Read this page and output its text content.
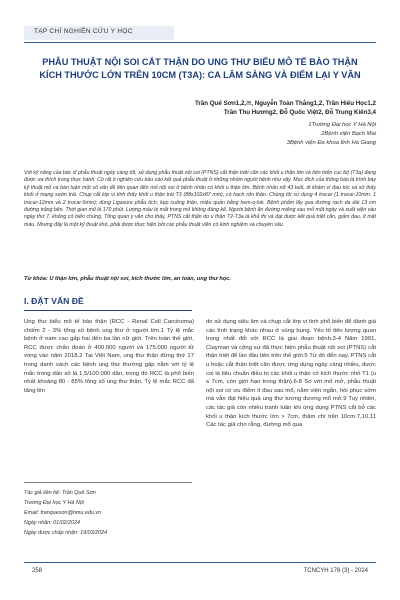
TẠP CHÍ NGHIÊN CỨU Y HỌC
PHẪU THUẬT NỘI SOI CẮT THẬN DO UNG THƯ BIỂU MÔ TẾ BÀO THẬN KÍCH THƯỚC LỚN TRÊN 10CM (T3A): CA LÂM SÀNG VÀ ĐIỂM LẠI Y VĂN
Trần Quế Sơn1,2,✉, Nguyễn Toàn Thắng1,2, Trần Hiếu Học1,2
Trần Thu Hương2, Đỗ Quốc Việt2, Đỗ Trung Kiên3,4
1Trường Đại học Y Hà Nội
2Bệnh viện Bạch Mai
3Bệnh viện Đa khoa tỉnh Hà Giang

Với kỹ năng của bác sĩ phẫu thuật ngày càng tốt, sử dụng phẫu thuật nội soi (PTNS) cắt thận triệt căn các khối u thận lớn và tiến triển cục bộ (T3a) đang được ưa thích trong thực hành. Có rất ít nghiên cứu báo cáo kết quả phẫu thuật ở những nhóm người bệnh như vậy. Mục đích của thông báo là trình bày kỹ thuật mổ và bàn luận một số vấn đề liên quan đến mổ nội soi ở bệnh nhân có khối u thận lớn. Bệnh nhân nữ 43 tuổi, đi khám vì đau tức và sờ thấy khối ở mạng sườn trái. Chụp cắt lớp vi tính thấy khối u thận trái T3 (88x102x87 mm), có hạch rốn thận. Chúng tôi sử dụng 4 trocar (1 trocar-10mm, 1 trocar-12mm và 2 trocar-5mm); dùng Ligasure phẫu tích; kẹp cuống thận, miệu quản bằng hem-o-lok. Bệnh phẩm lấy qua đường rạch da dài 13 cm đường trắng bên. Thời gian mổ là 170 phút. Lượng máu bị mất trong mổ không đáng kể. Người bệnh ăn đường miệng sau mổ một ngày và xuất viện vào ngày thứ 7, không có biến chứng. Tổng quan y văn cho thấy, PTNS cắt thận do u thận T2-T3a là khả thi và đạt được kết quả triệt căn, giảm đau, ít mất máu. Nhưng đây là một kỹ thuật khó, phải được thực hiện bởi các phẫu thuật viên có kinh nghiệm và chuyên sâu.

Từ khóa: U thận lớn, phẫu thuật nội soi, kích thước lớn, an toàn, ung thư học.
I. ĐẶT VẤN ĐỀ

Ung thư biểu mô tế bào thận (RCC - Renal Cell Carcinoma) chiếm 2 - 3% tổng số bệnh ung thư ở người lớn.1 Tỷ lệ mắc bệnh ở nam cao gấp hai đến ba lần nữ giới. Trên toàn thế giới, RCC được chẩn đoán ở 400.000 người và 175.000 người tử vong vào năm 2018.2 Tại Việt Nam, ung thư thận đứng thứ 17 trong danh sách các bệnh ung thư thường gặp nằm với tỷ lệ mắc trong dân số là 1,5/100.000 dân, trong đó RCC là phổ biến nhất khoảng 80 - 85% tổng số ung thư thận. Tỷ lệ mắc RCC đã tăng lên

do sử dụng siêu âm và chụp cắt lớp vi tính phổ biến để đánh giá các tình trạng khác nhau ở vùng bụng. Yếu tố tiên lượng quan trọng nhất đối với RCC là giai đoạn bệnh.3-4 Năm 1991, Clayman và cộng sự đã thực hiện phẫu thuật nội soi (PTNS) cắt thận triệt để lần đầu tiên trên thế giới.5 Từ đó đến nay, PTNS cắt u hoặc cắt thận triệt căn được ứng dụng ngày càng nhiều, được coi là tiêu chuẩn điều trị các khối u thận có kích thước nhỏ T1 (u ≤ 7cm, còn giới hạn trong thận).6-8 So với mổ mở, phẫu thuật nội soi có ưu điểm ít đau sau mổ, nằm viện ngắn, hồi phục sớm mà vẫn đạt hiệu quả ung thư tương đương mổ mở.9 Tuy nhiên, các tác giả còn nhiều tranh luận khi ứng dụng PTNS cắt bỏ các khối u thận kích thước lớn > 7cm, thậm chí trên 10cm.7,10,11 Các tác giả cho rằng, đường mổ qua

Tác giả liên hệ: Trần Quế Sơn
Trường Đại học Y Hà Nội
Email: tranqueson@hmu.edu.vn
Ngày nhận: 01/02/2024
Ngày được chấp nhận: 19/03/2024
258	TCNCYH 176 (3) - 2024
